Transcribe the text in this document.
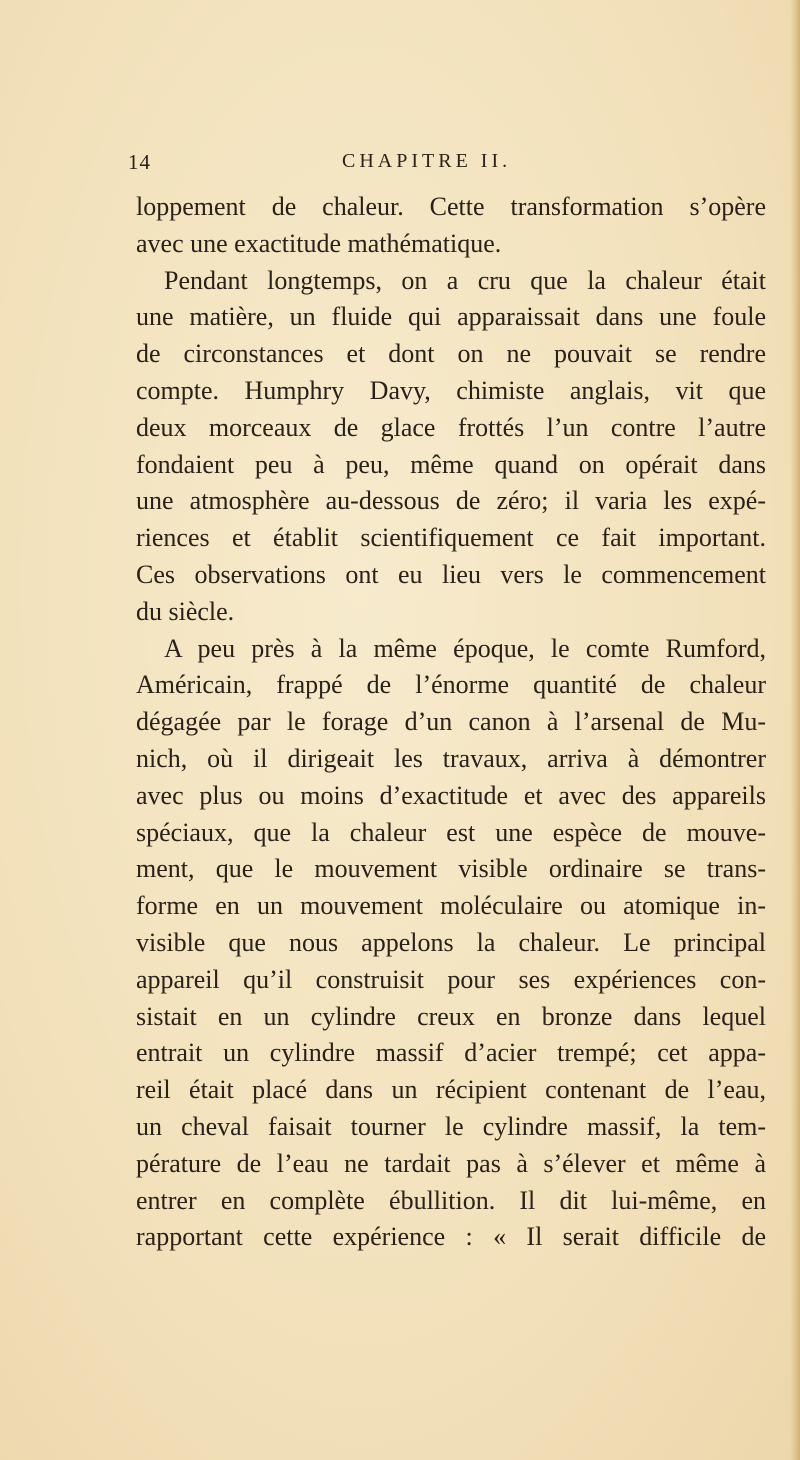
14	CHAPITRE II.
loppement de chaleur. Cette transformation s’opère
avec une exactitude mathématique.
Pendant longtemps, on a cru que la chaleur était
une matière, un fluide qui apparaissait dans une foule
de circonstances et dont on ne pouvait se rendre
compte. Humphry Davy, chimiste anglais, vit que
deux morceaux de glace frottés l’un contre l’autre
fondaient peu à peu, même quand on opérait dans
une atmosphère au-dessous de zéro; il varia les expé-
riences et établit scientifiquement ce fait important.
Ces observations ont eu lieu vers le commencement
du siècle.
A peu près à la même époque, le comte Rumford,
Américain, frappé de l’énorme quantité de chaleur
dégagée par le forage d’un canon à l’arsenal de Mu-
nich, où il dirigeait les travaux, arriva à démontrer
avec plus ou moins d’exactitude et avec des appareils
spéciaux, que la chaleur est une espèce de mouve-
ment, que le mouvement visible ordinaire se trans-
forme en un mouvement moléculaire ou atomique in-
visible que nous appelons la chaleur. Le principal
appareil qu’il construisit pour ses expériences con-
sistait en un cylindre creux en bronze dans lequel
entrait un cylindre massif d’acier trempé; cet appa-
reil était placé dans un récipient contenant de l’eau,
un cheval faisait tourner le cylindre massif, la tem-
pérature de l’eau ne tardait pas à s’élever et même à
entrer en complète ébullition. Il dit lui-même, en
rapportant cette expérience : « Il serait difficile de
